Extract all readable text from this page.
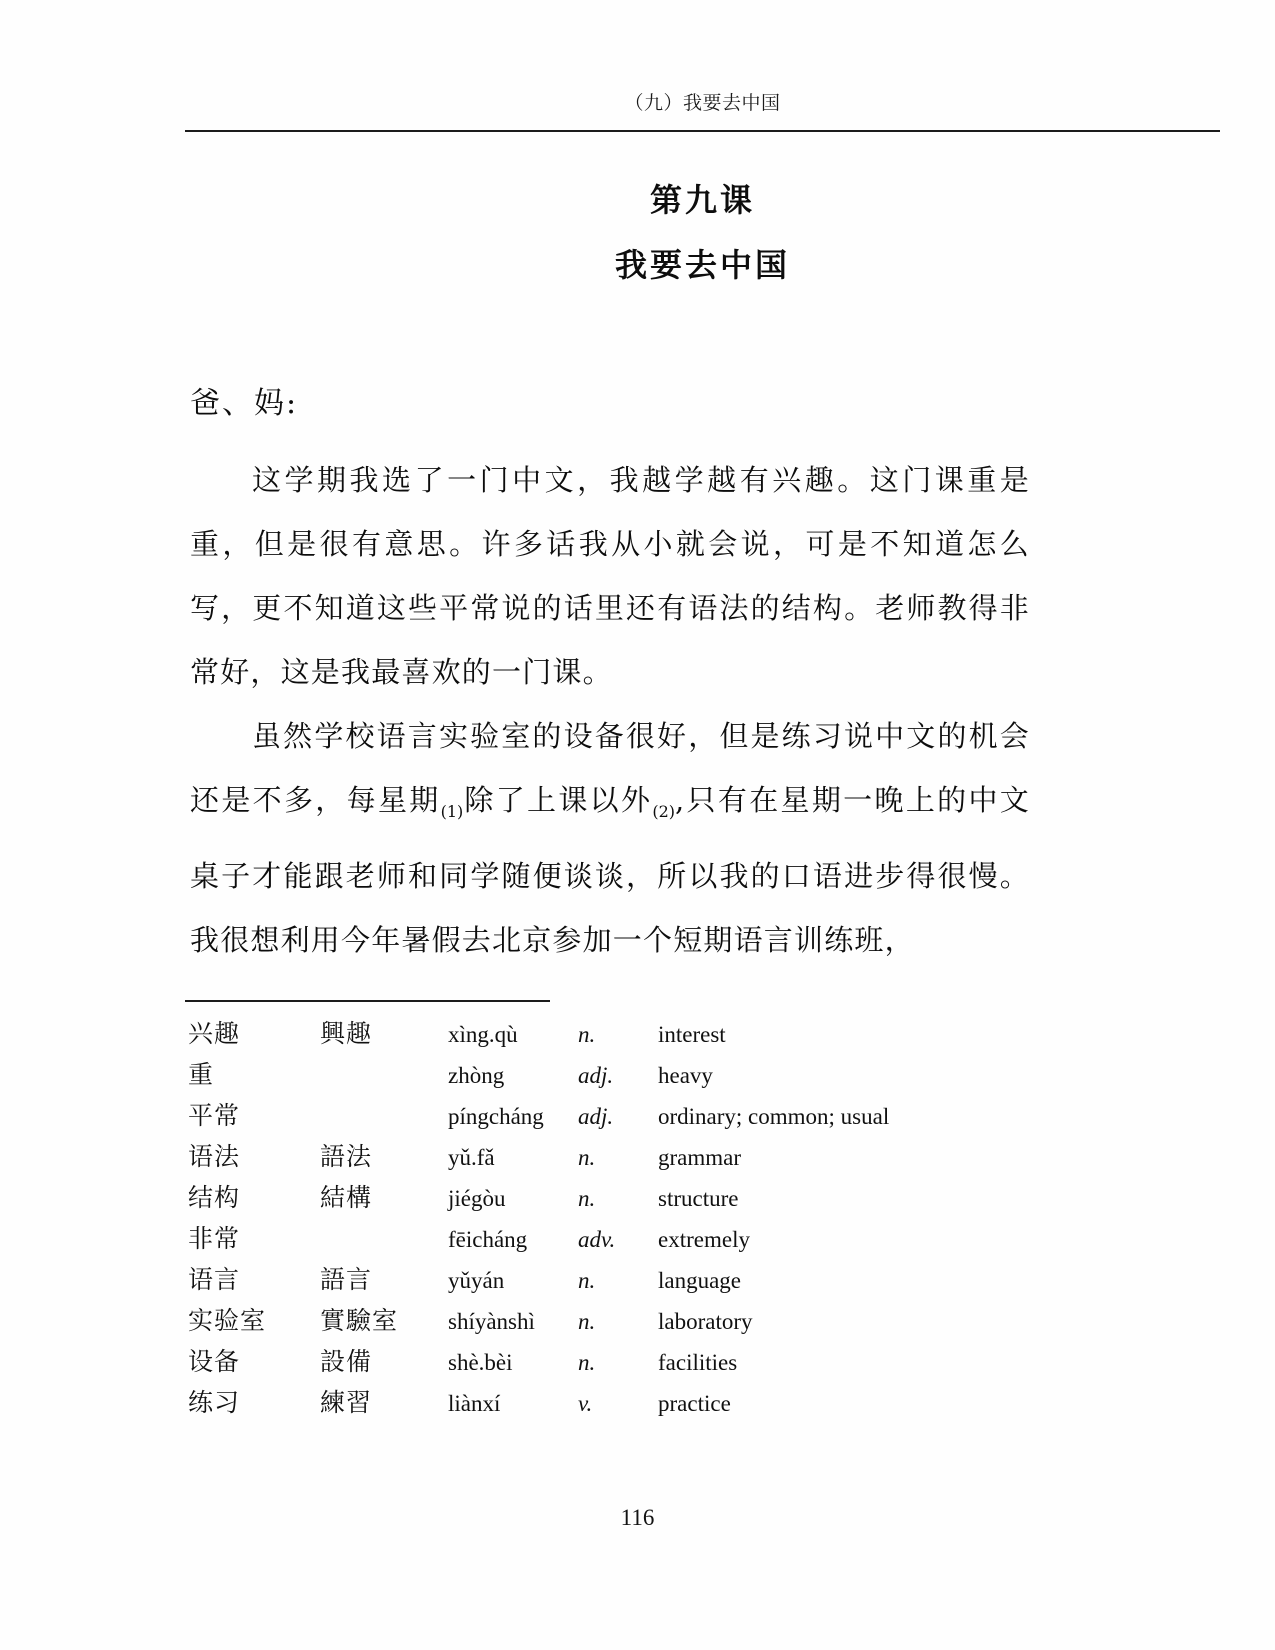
（九）我要去中国
第九课
我要去中国
爸、妈:

这学期我选了一门中文，我越学越有兴趣。这门课重是重，但是很有意思。许多话我从小就会说，可是不知道怎么写，更不知道这些平常说的话里还有语法的结构。老师教得非常好，这是我最喜欢的一门课。

虽然学校语言实验室的设备很好，但是练习说中文的机会还是不多，每星期$_{(1)}$除了上课以外$_{(2)}$,只有在星期一晚上的中文桌子才能跟老师和同学随便谈谈，所以我的口语进步得很慢。我很想利用今年暑假去北京参加一个短期语言训练班，

兴趣	興趣	xìng.qù	n.	interest
重		zhòng	adj.	heavy
平常		píngcháng	adj.	ordinary; common; usual
语法	語法	yǔ.fǎ	n.	grammar
结构	結構	jiégòu	n.	structure
非常		fēicháng	adv.	extremely
语言	語言	yǔyán	n.	language
实验室	實驗室	shíyànshì	n.	laboratory
设备	設備	shè.bèi	n.	facilities
练习	練習	liànxí	v.	practice
116
